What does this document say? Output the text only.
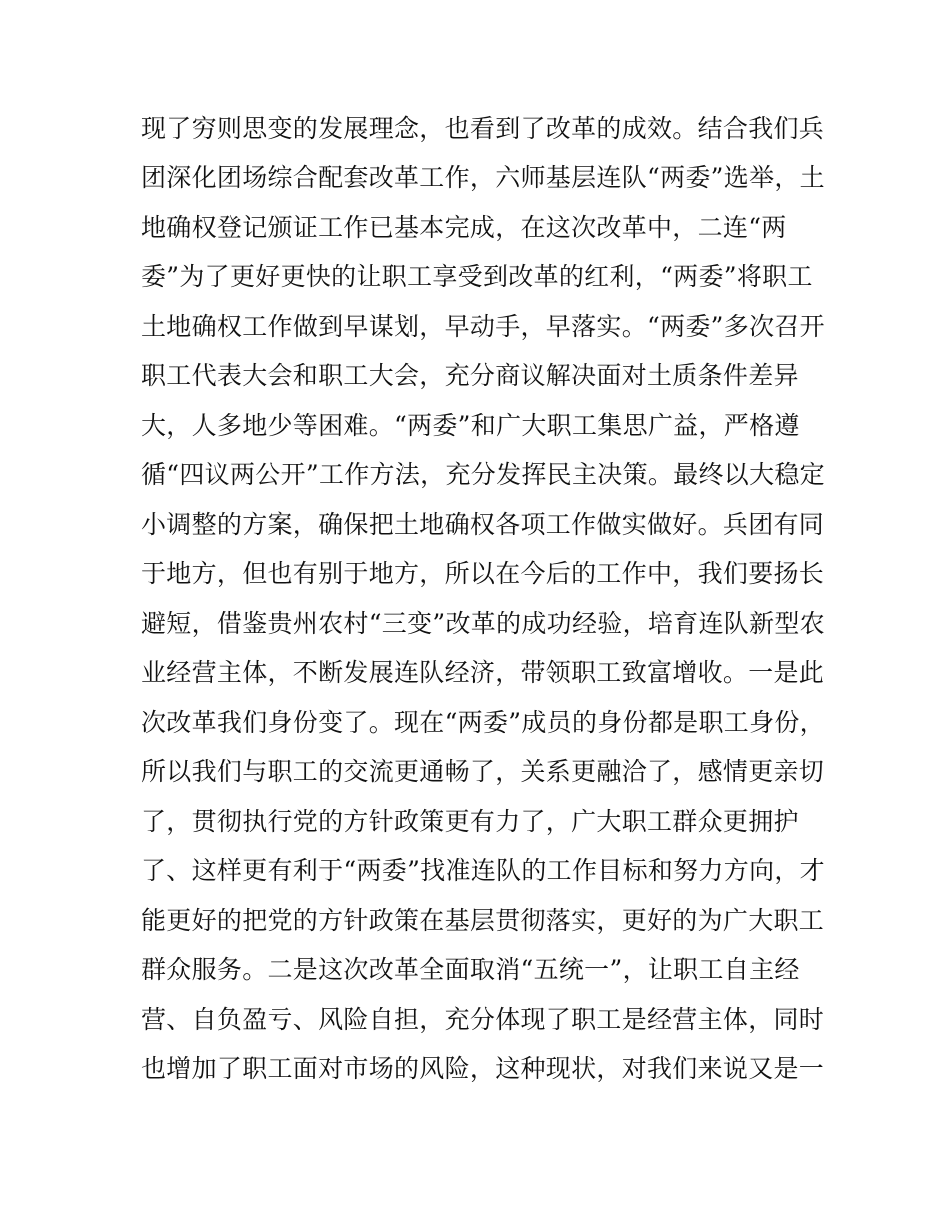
现了穷则思变的发展理念，也看到了改革的成效。结合我们兵
团深化团场综合配套改革工作，六师基层连队“两委”选举，土
地确权登记颁证工作已基本完成，在这次改革中，二连“两
委”为了更好更快的让职工享受到改革的红利，“两委”将职工
土地确权工作做到早谋划，早动手，早落实。“两委”多次召开
职工代表大会和职工大会，充分商议解决面对土质条件差异
大，人多地少等困难。“两委”和广大职工集思广益，严格遵
循“四议两公开”工作方法，充分发挥民主决策。最终以大稳定
小调整的方案，确保把土地确权各项工作做实做好。兵团有同
于地方，但也有别于地方，所以在今后的工作中，我们要扬长
避短，借鉴贵州农村“三变”改革的成功经验，培育连队新型农
业经营主体，不断发展连队经济，带领职工致富增收。一是此
次改革我们身份变了。现在“两委”成员的身份都是职工身份，
所以我们与职工的交流更通畅了，关系更融洽了，感情更亲切
了，贯彻执行党的方针政策更有力了，广大职工群众更拥护
了、这样更有利于“两委”找准连队的工作目标和努力方向，才
能更好的把党的方针政策在基层贯彻落实，更好的为广大职工
群众服务。二是这次改革全面取消“五统一”，让职工自主经
营、自负盈亏、风险自担，充分体现了职工是经营主体，同时
也增加了职工面对市场的风险，这种现状，对我们来说又是一
